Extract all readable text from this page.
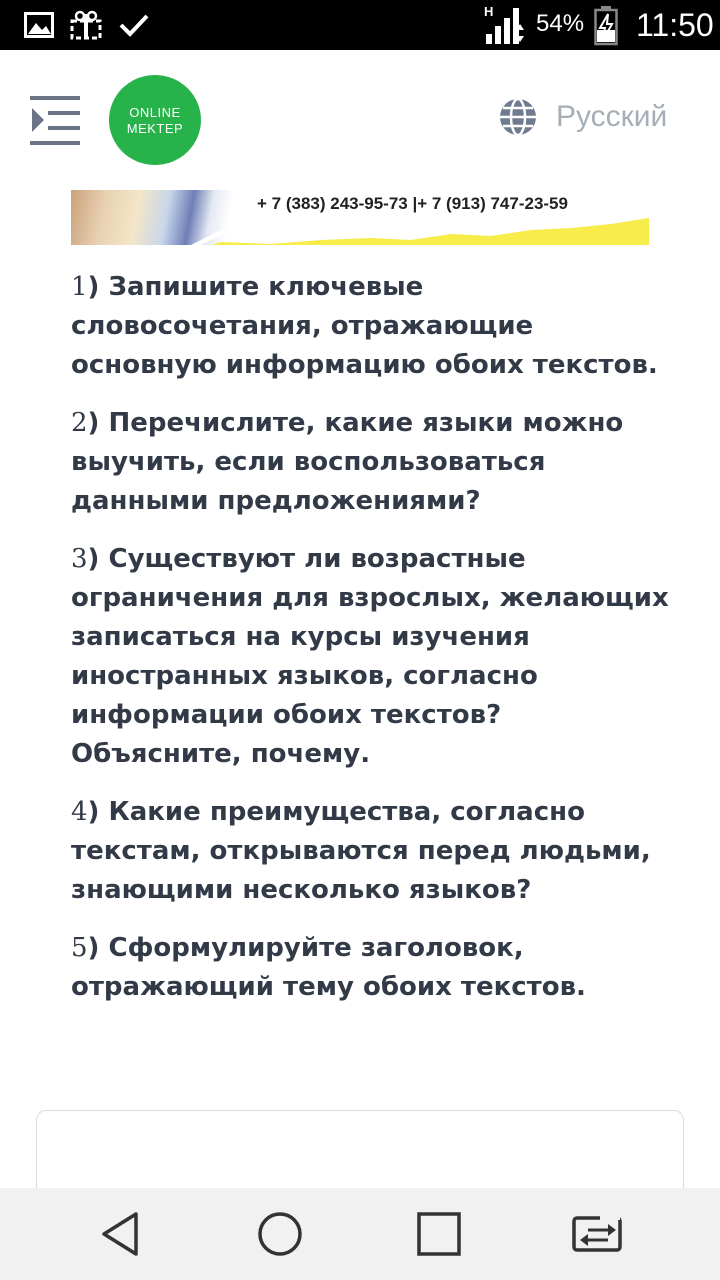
H 54% 11:50
ONLINE
MEKTEP	Русский
+ 7 (383) 243-95-73 |+ 7 (913) 747-23-59

1) Запишите ключевые словосочетания, отражающие основную информацию обоих текстов.

2) Перечислите, какие языки можно выучить, если воспользоваться данными предложениями?

3) Существуют ли возрастные ограничения для взрослых, желающих записаться на курсы изучения иностранных языков, согласно информации обоих текстов? Объясните, почему.

4) Какие преимущества, согласно текстам, открываются перед людьми, знающими несколько языков?

5) Сформулируйте заголовок, отражающий тему обоих текстов.
